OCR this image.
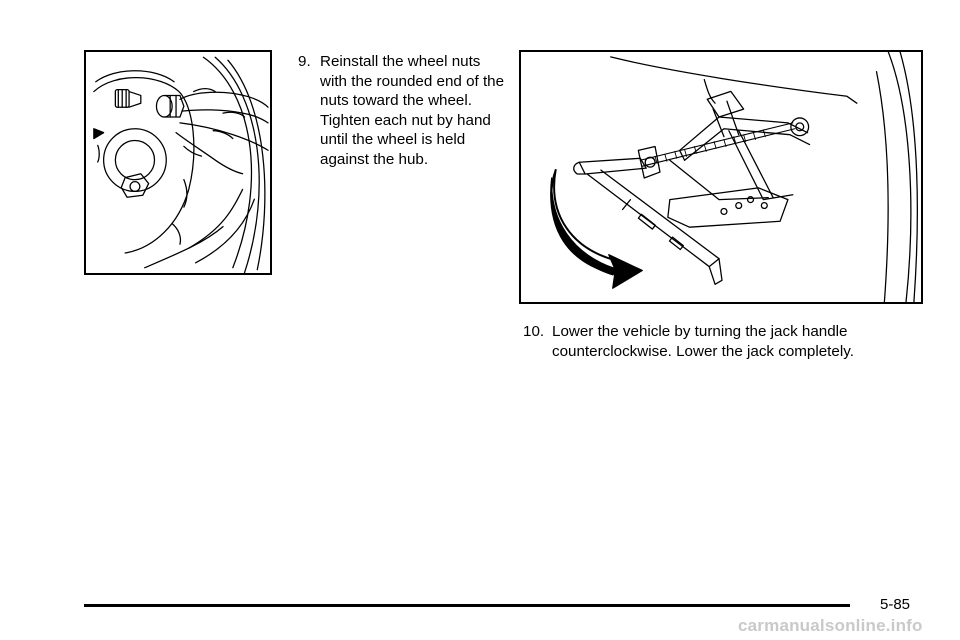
9. Reinstall the wheel nuts with the rounded end of the nuts toward the wheel. Tighten each nut by hand until the wheel is held against the hub.
10. Lower the vehicle by turning the jack handle counterclockwise. Lower the jack completely.
5-85
carmanualsonline.info
